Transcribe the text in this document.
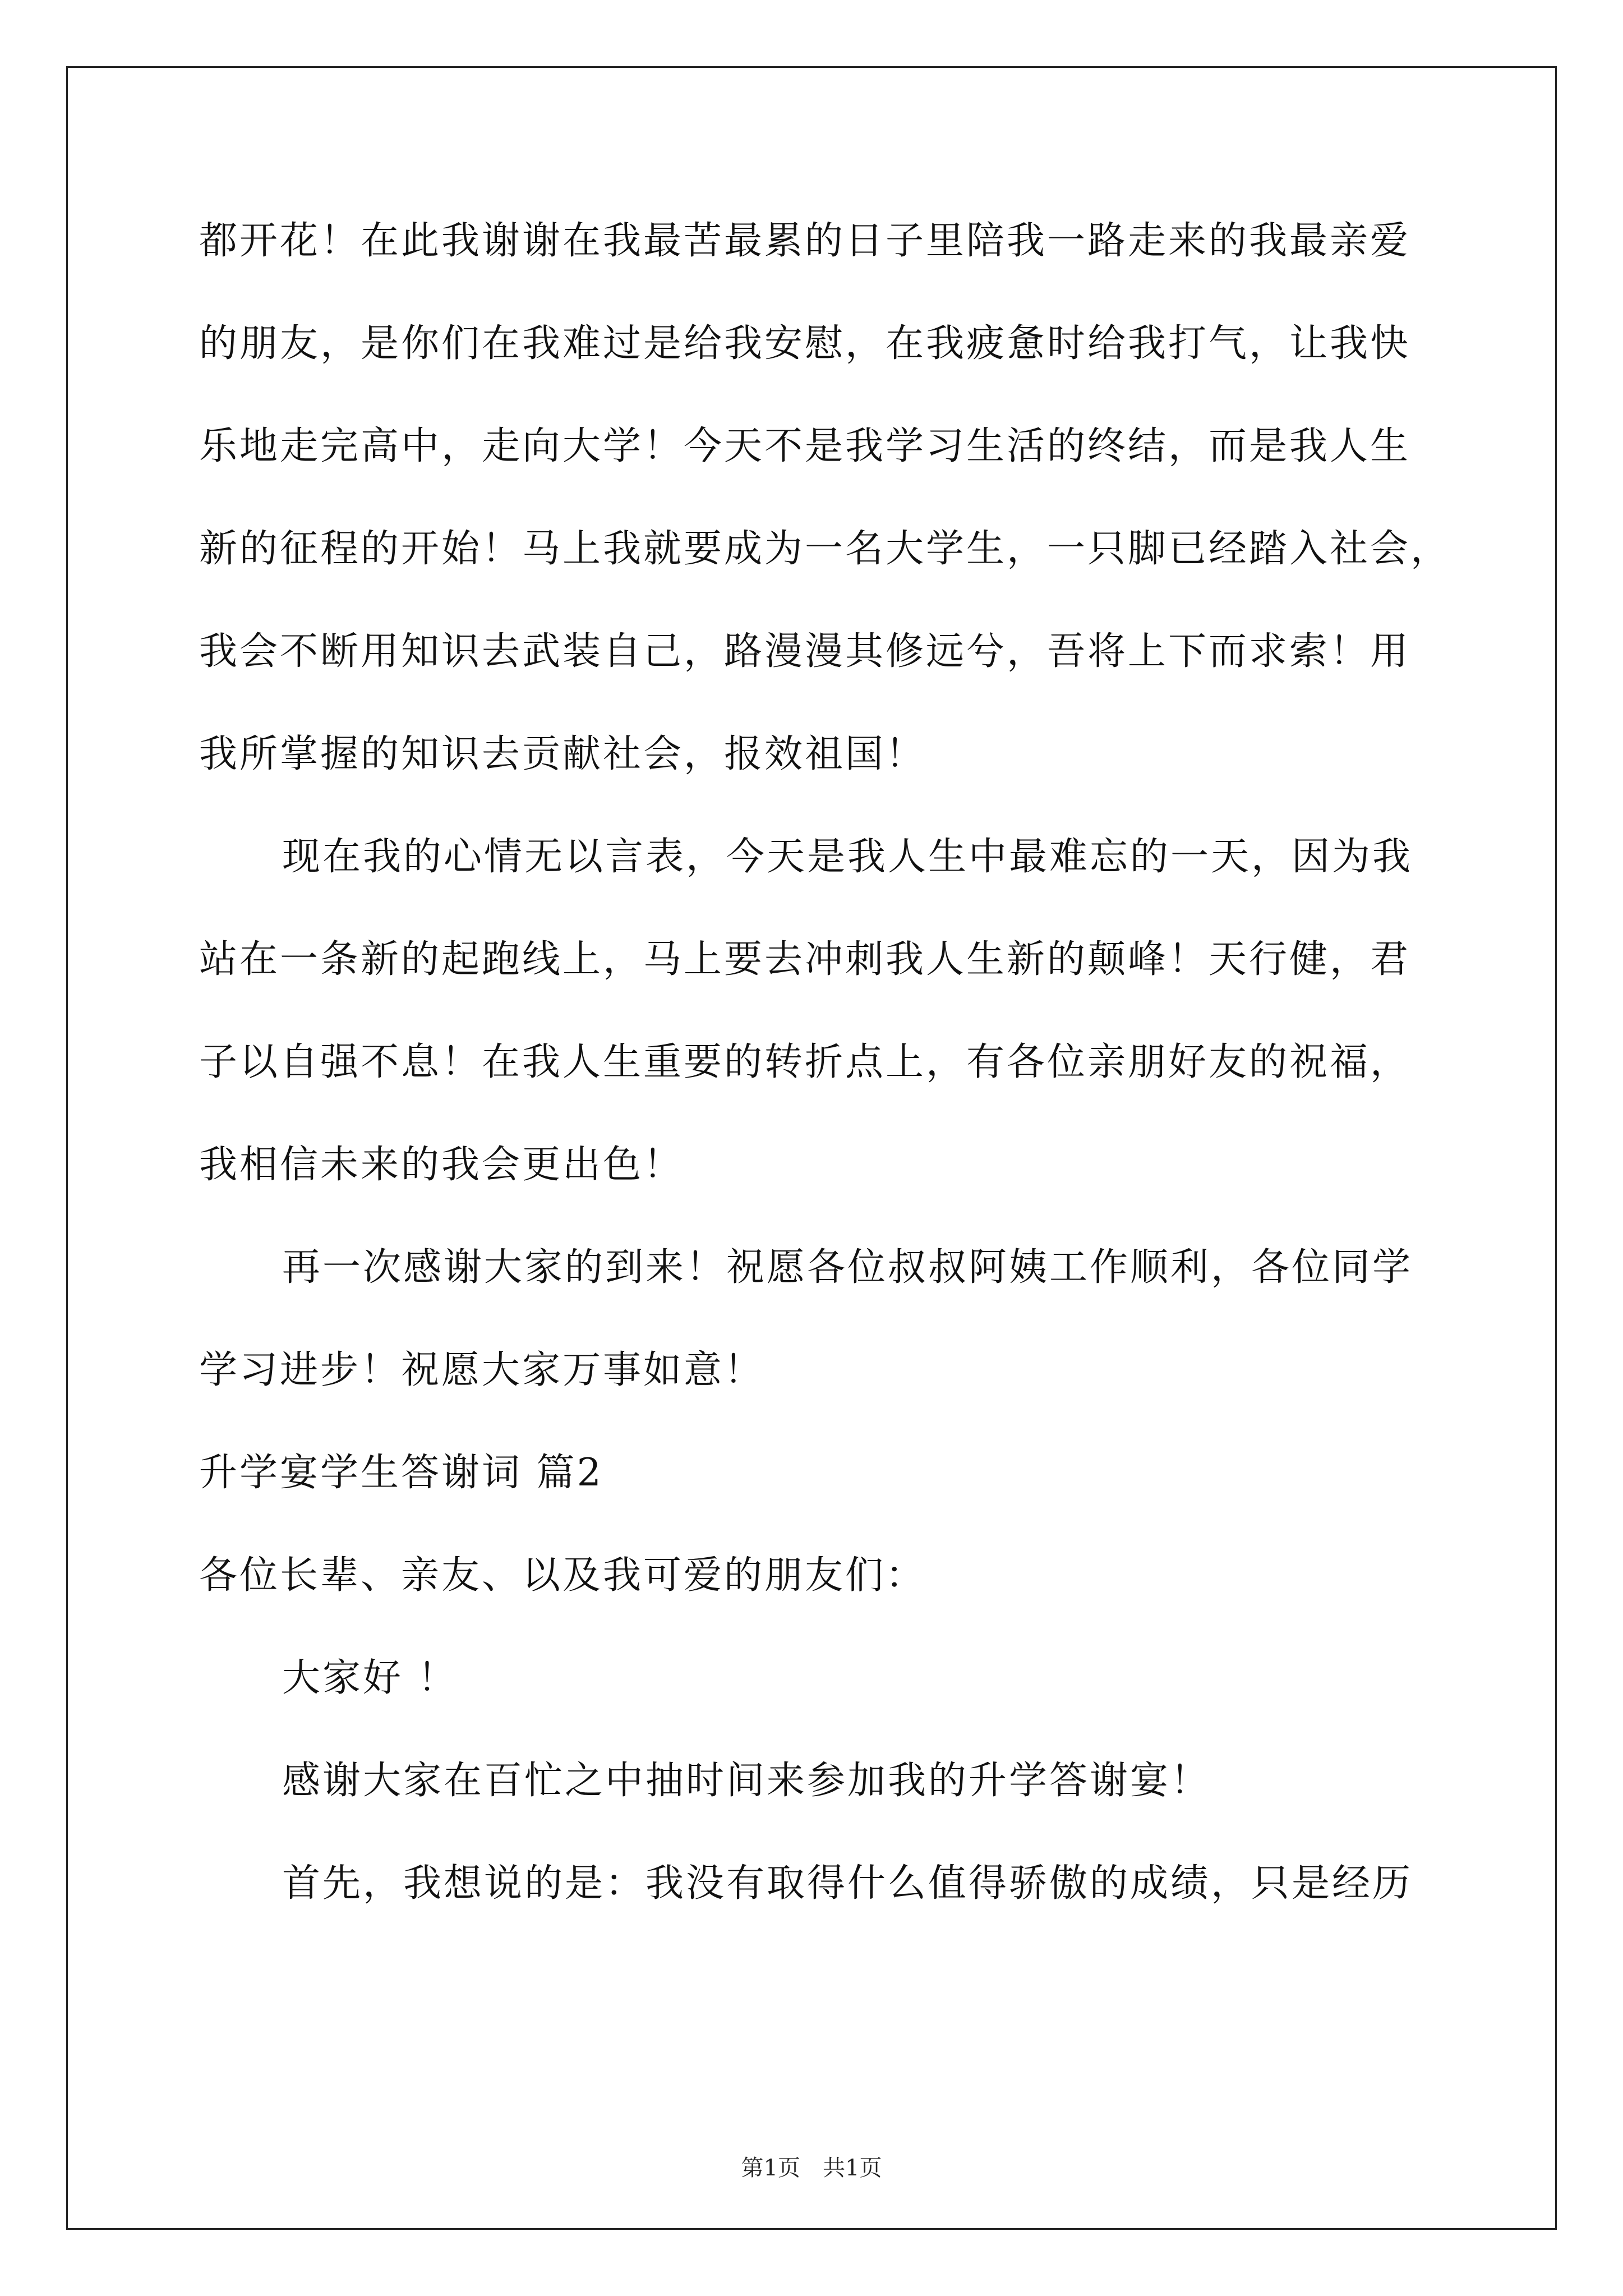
都开花！在此我谢谢在我最苦最累的日子里陪我一路走来的我最亲爱
的朋友，是你们在我难过是给我安慰，在我疲惫时给我打气，让我快
乐地走完高中，走向大学！今天不是我学习生活的终结，而是我人生
新的征程的开始！马上我就要成为一名大学生，一只脚已经踏入社会，
我会不断用知识去武装自己，路漫漫其修远兮，吾将上下而求索！用
我所掌握的知识去贡献社会，报效祖国！
现在我的心情无以言表，今天是我人生中最难忘的一天，因为我
站在一条新的起跑线上，马上要去冲刺我人生新的颠峰！天行健，君
子以自强不息！在我人生重要的转折点上，有各位亲朋好友的祝福，
我相信未来的我会更出色！
再一次感谢大家的到来！祝愿各位叔叔阿姨工作顺利，各位同学
学习进步！祝愿大家万事如意！
升学宴学生答谢词 篇2
各位长辈、亲友、以及我可爱的朋友们：
大家好 ！
感谢大家在百忙之中抽时间来参加我的升学答谢宴！
首先，我想说的是：我没有取得什么值得骄傲的成绩，只是经历
第1页　共1页
